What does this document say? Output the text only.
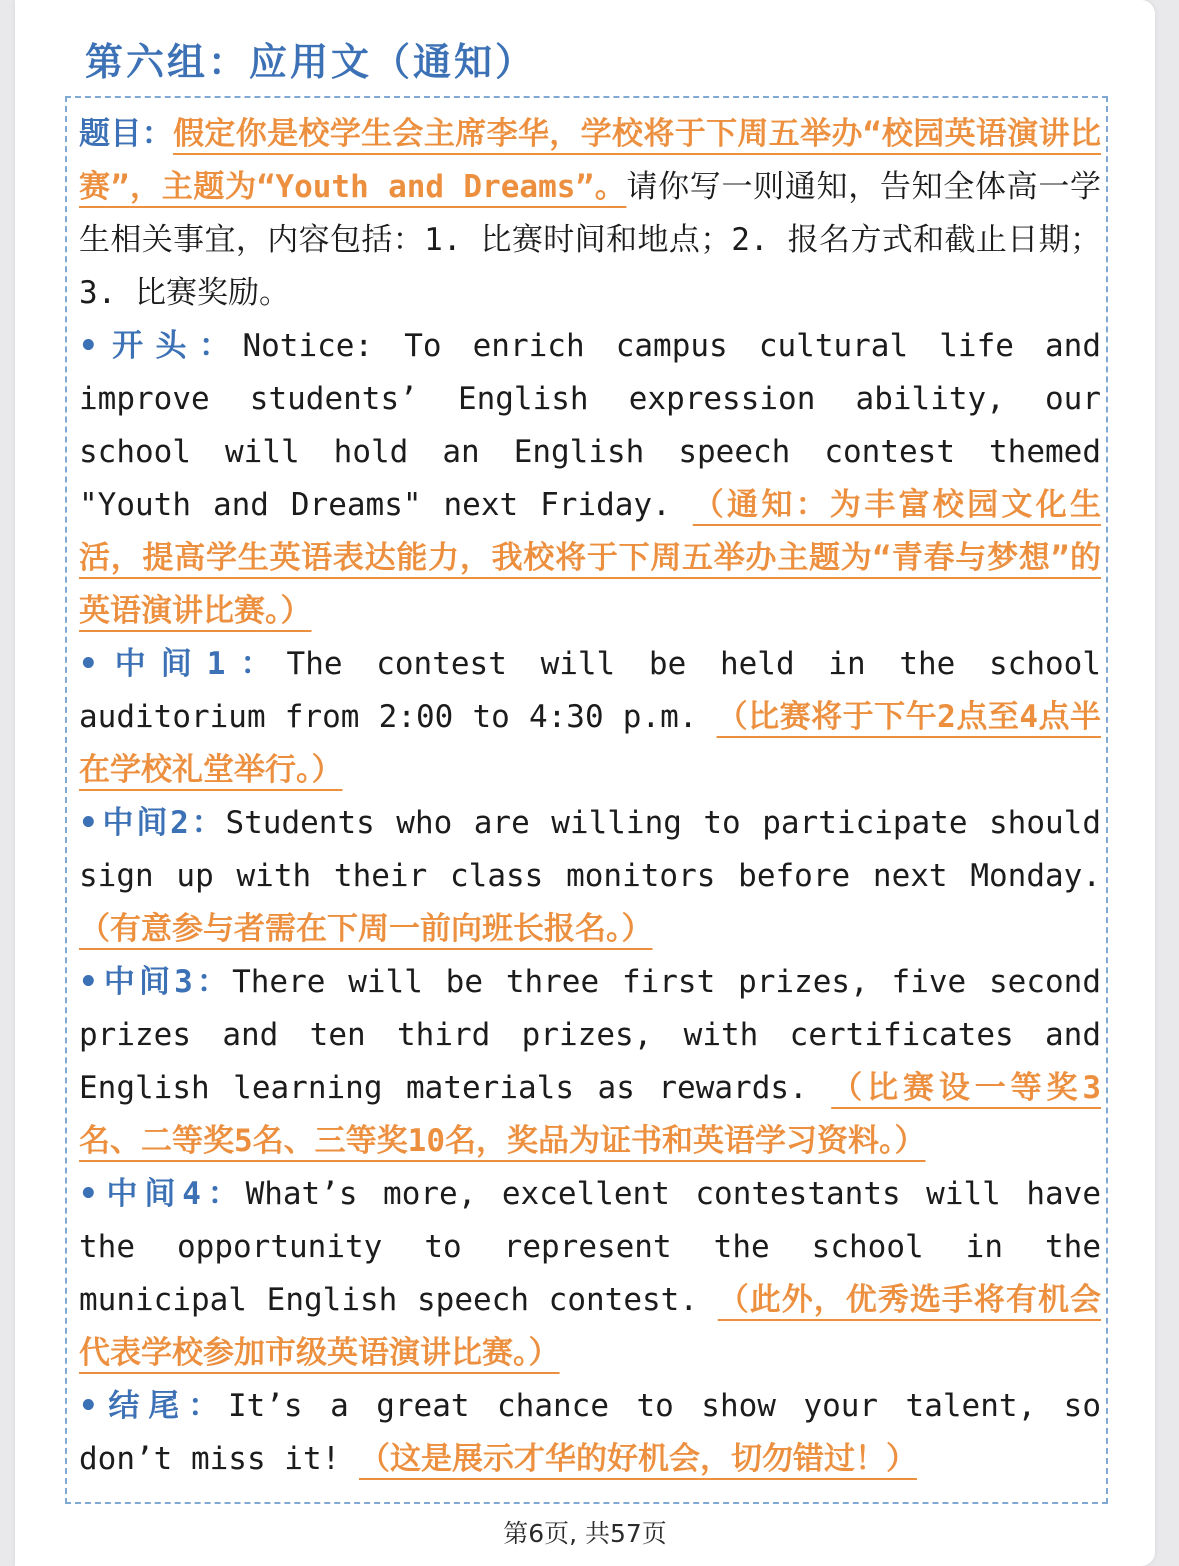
第六组：应用文（通知）

题目：假定你是校学生会主席李华，学校将于下周五举办“校园英语演讲比赛”，主题为“Youth and Dreams”。请你写一则通知，告知全体高一学生相关事宜，内容包括：1. 比赛时间和地点；2. 报名方式和截止日期；3. 比赛奖励。

•开头：Notice: To enrich campus cultural life and improve students’ English expression ability, our school will hold an English speech contest themed "Youth and Dreams" next Friday. （通知：为丰富校园文化生活，提高学生英语表达能力，我校将于下周五举办主题为“青春与梦想”的英语演讲比赛。）

•中间1：The contest will be held in the school auditorium from 2:00 to 4:30 p.m. （比赛将于下午2点至4点半在学校礼堂举行。）

•中间2：Students who are willing to participate should sign up with their class monitors before next Monday. （有意参与者需在下周一前向班长报名。）

•中间3：There will be three first prizes, five second prizes and ten third prizes, with certificates and English learning materials as rewards. （比赛设一等奖3名、二等奖5名、三等奖10名，奖品为证书和英语学习资料。）

•中间4：What’s more, excellent contestants will have the opportunity to represent the school in the municipal English speech contest. （此外，优秀选手将有机会代表学校参加市级英语演讲比赛。）

•结尾：It’s a great chance to show your talent, so don’t miss it! （这是展示才华的好机会，切勿错过！）

第6页, 共57页
